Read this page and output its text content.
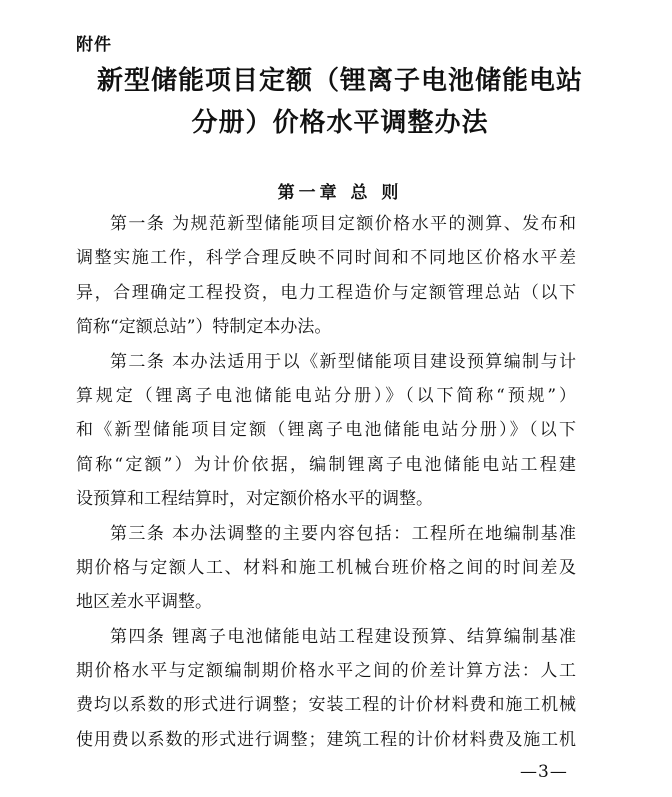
附件
新型储能项目定额（锂离子电池储能电站
分册）价格水平调整办法
第一章 总 则
第一条 为规范新型储能项目定额价格水平的测算、发布和
调整实施工作，科学合理反映不同时间和不同地区价格水平差
异，合理确定工程投资，电力工程造价与定额管理总站（以下
简称“定额总站”）特制定本办法。
第二条 本办法适用于以《新型储能项目建设预算编制与计
算规定（锂离子电池储能电站分册）》（以下简称“预规”）
和《新型储能项目定额（锂离子电池储能电站分册）》（以下
简称“定额”）为计价依据，编制锂离子电池储能电站工程建
设预算和工程结算时，对定额价格水平的调整。
第三条 本办法调整的主要内容包括：工程所在地编制基准
期价格与定额人工、材料和施工机械台班价格之间的时间差及
地区差水平调整。
第四条 锂离子电池储能电站工程建设预算、结算编制基准
期价格水平与定额编制期价格水平之间的价差计算方法：人工
费均以系数的形式进行调整；安装工程的计价材料费和施工机械
使用费以系数的形式进行调整；建筑工程的计价材料费及施工机
—3—
